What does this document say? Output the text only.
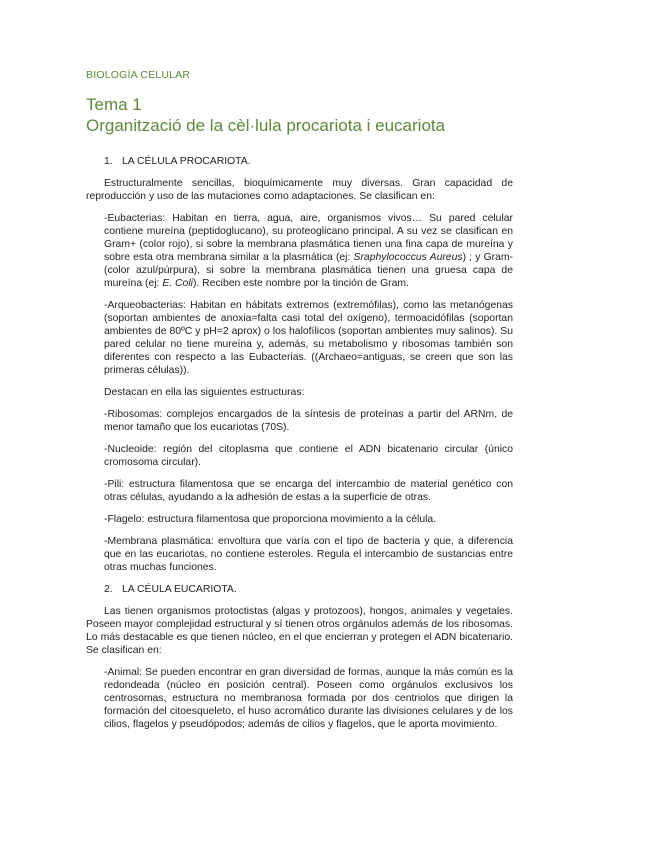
BIOLOGÍA CELULAR
Tema 1
Organització de la cèl·lula procariota i eucariota
1. LA CÉLULA PROCARIOTA.

Estructuralmente sencillas, bioquímicamente muy diversas. Gran capacidad de reproducción y uso de las mutaciones como adaptaciones. Se clasifican en:

-Eubacterias: Habitan en tierra, agua, aire, organismos vivos… Su pared celular contiene mureína (peptidoglucano), su proteoglicano principal. A su vez se clasifican en Gram+ (color rojo), si sobre la membrana plasmática tienen una fina capa de mureína y sobre esta otra membrana similar a la plasmática (ej: Sraphylococcus Aureus) ; y Gram- (color azul/púrpura), si sobre la membrana plasmática tienen una gruesa capa de mureína (ej: E. Coli). Reciben este nombre por la tinción de Gram.

-Arqueobacterias: Habitan en hábitats extremos (extremófilas), como las metanógenas (soportan ambientes de anoxia=falta casi total del oxígeno), termoacidófilas (soportan ambientes de 80ºC y pH=2 aprox) o los halofílicos (soportan ambientes muy salinos). Su pared celular no tiene mureína y, además, su metabolismo y ribosomas también son diferentes con respecto a las Eubacterias. ((Archaeo=antiguas, se creen que son las primeras células)).

Destacan en ella las siguientes estructuras:

-Ribosomas: complejos encargados de la síntesis de proteínas a partir del ARNm, de menor tamaño que los eucariotas (70S).

-Nucleoide: región del citoplasma que contiene el ADN bicatenario circular (único cromosoma circular).

-Pili: estructura filamentosa que se encarga del intercambio de material genético con otras células, ayudando a la adhesión de estas a la superficie de otras.

-Flagelo: estructura filamentosa que proporciona movimiento a la célula.

-Membrana plasmática: envoltura que varía con el tipo de bacteria y que, a diferencia que en las eucariotas, no contiene esteroles. Regula el intercambio de sustancias entre otras muchas funciones.

2. LA CÉULA EUCARIOTA.

Las tienen organismos protoctistas (algas y protozoos), hongos, animales y vegetales. Poseen mayor complejidad estructural y sí tienen otros orgánulos además de los ribosomas. Lo más destacable es que tienen núcleo, en el que encierran y protegen el ADN bicatenario. Se clasifican en:

-Animal: Se pueden encontrar en gran diversidad de formas, aunque la más común es la redondeada (núcleo en posición central). Poseen como orgánulos exclusivos los centrosomas, estructura no membranosa formada por dos centriolos que dirigen la formación del citoesqueleto, el huso acromático durante las divisiones celulares y de los cilios, flagelos y pseudópodos; además de cilios y flagelos, que le aporta movimiento.
